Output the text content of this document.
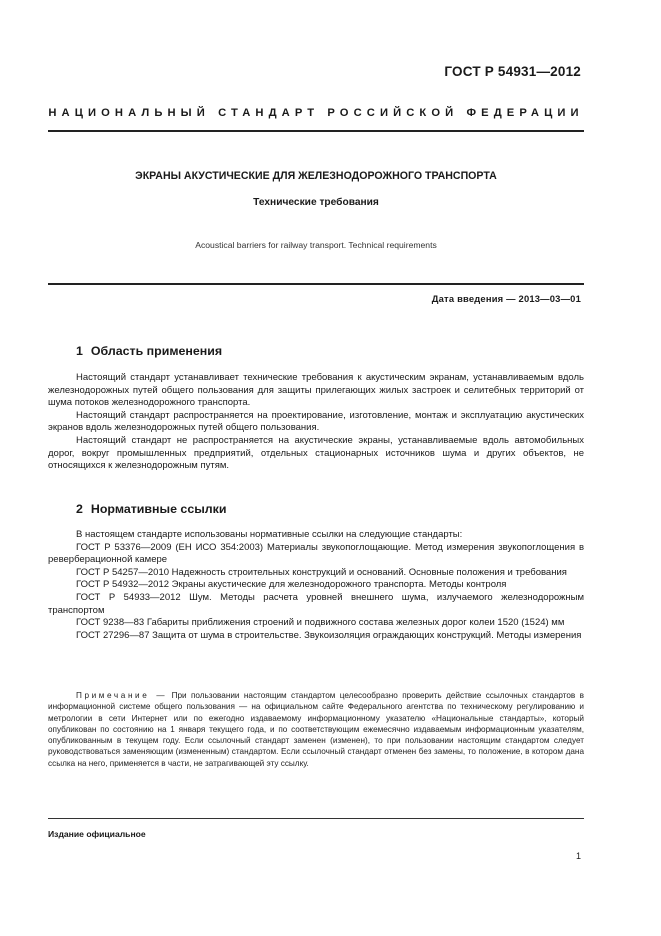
ГОСТ Р 54931—2012
НАЦИОНАЛЬНЫЙ СТАНДАРТ РОССИЙСКОЙ ФЕДЕРАЦИИ
ЭКРАНЫ АКУСТИЧЕСКИЕ ДЛЯ ЖЕЛЕЗНОДОРОЖНОГО ТРАНСПОРТА
Технические требования
Acoustical barriers for railway transport. Technical requirements
Дата введения — 2013—03—01
1 Область применения

Настоящий стандарт устанавливает технические требования к акустическим экранам, устанавливаемым вдоль железнодорожных путей общего пользования для защиты прилегающих жилых застроек и селитебных территорий от шума потоков железнодорожного транспорта.

Настоящий стандарт распространяется на проектирование, изготовление, монтаж и эксплуатацию акустических экранов вдоль железнодорожных путей общего пользования.

Настоящий стандарт не распространяется на акустические экраны, устанавливаемые вдоль автомобильных дорог, вокруг промышленных предприятий, отдельных стационарных источников шума и других объектов, не относящихся к железнодорожным путям.

2 Нормативные ссылки

В настоящем стандарте использованы нормативные ссылки на следующие стандарты:

ГОСТ Р 53376—2009 (ЕН ИСО 354:2003) Материалы звукопоглощающие. Метод измерения звукопоглощения в реверберационной камере

ГОСТ Р 54257—2010 Надежность строительных конструкций и оснований. Основные положения и требования

ГОСТ Р 54932—2012 Экраны акустические для железнодорожного транспорта. Методы контроля

ГОСТ Р 54933—2012 Шум. Методы расчета уровней внешнего шума, излучаемого железнодорожным транспортом

ГОСТ 9238—83 Габариты приближения строений и подвижного состава железных дорог колеи 1520 (1524) мм

ГОСТ 27296—87 Защита от шума в строительстве. Звукоизоляция ограждающих конструкций. Методы измерения

Примечание — При пользовании настоящим стандартом целесообразно проверить действие ссылочных стандартов в информационной системе общего пользования — на официальном сайте Федерального агентства по техническому регулированию и метрологии в сети Интернет или по ежегодно издаваемому информационному указателю «Национальные стандарты», который опубликован по состоянию на 1 января текущего года, и по соответствующим ежемесячно издаваемым информационным указателям, опубликованным в текущем году. Если ссылочный стандарт заменен (изменен), то при пользовании настоящим стандартом следует руководствоваться заменяющим (измененным) стандартом. Если ссылочный стандарт отменен без замены, то положение, в котором дана ссылка на него, применяется в части, не затрагивающей эту ссылку.

Издание официальное
1
